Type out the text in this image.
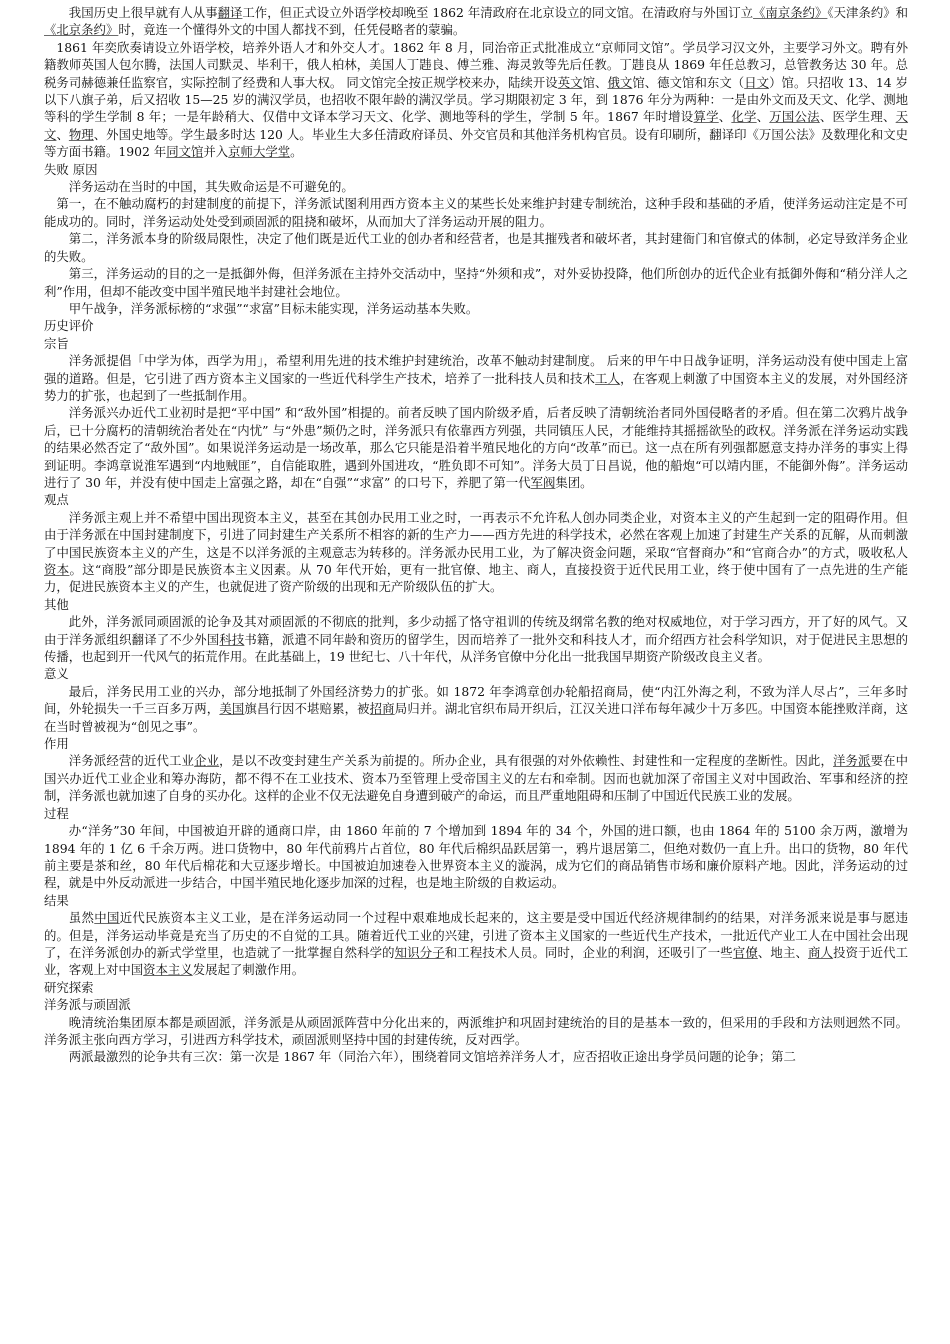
我国历史上很早就有人从事翻译工作，但正式设立外语学校却晚至 1862 年清政府在北京设立的同文馆。在清政府与外国订立《南京条约》《天津条约》和《北京条约》时，竟连一个懂得外文的中国人都找不到，任凭侵略者的蒙骗。
1861 年奕欣奏请设立外语学校，培养外语人才和外交人才。1862 年 8 月，同治帝正式批准成立“京师同文馆”。学员学习汉文外，主要学习外文。聘有外籍教师英国人包尔腾，法国人司默灵、毕利干，俄人柏林，美国人丁韪良、傅兰雅、海灵敦等先后任教。丁韪良从 1869 年任总教习，总管教务达 30 年。总税务司赫德兼任监察官，实际控制了经费和人事大权。 同文馆完全按正规学校来办，陆续开设英文馆、俄文馆、德文馆和东文（日文）馆。只招收 13、14 岁以下八旗子弟，后又招收 15—25 岁的满汉学员，也招收不限年龄的满汉学员。学习期限初定 3 年，到 1876 年分为两种：一是由外文而及天文、化学、测地等科的学生学制 8 年；一是年龄稍大、仅借中文译本学习天文、化学、测地等科的学生，学制 5 年。1867 年时增设算学、化学、万国公法、医学生理、天文、物理、外国史地等。学生最多时达 120 人。毕业生大多任清政府译员、外交官员和其他洋务机构官员。设有印刷所，翻译印《万国公法》及数理化和文史等方面书籍。1902 年同文馆并入京师大学堂。
失败 原因
洋务运动在当时的中国，其失败命运是不可避免的。
第一，在不触动腐朽的封建制度的前提下，洋务派试图利用西方资本主义的某些长处来维护封建专制统治，这种手段和基础的矛盾，使洋务运动注定是不可能成功的。同时，洋务运动处处受到顽固派的阻挠和破坏，从而加大了洋务运动开展的阻力。
第二，洋务派本身的阶级局限性，决定了他们既是近代工业的创办者和经营者，也是其摧残者和破坏者，其封建衙门和官僚式的体制，必定导致洋务企业的失败。
第三，洋务运动的目的之一是抵御外侮，但洋务派在主持外交活动中，坚持“外须和戎”，对外妥协投降，他们所创办的近代企业有抵御外侮和“稍分洋人之利”作用，但却不能改变中国半殖民地半封建社会地位。
甲午战争，洋务派标榜的“求强”“求富”目标未能实现，洋务运动基本失败。
历史评价
宗旨
洋务派提倡「中学为体，西学为用」，希望利用先进的技术维护封建统治，改革不触动封建制度。 后来的甲午中日战争证明，洋务运动没有使中国走上富强的道路。但是，它引进了西方资本主义国家的一些近代科学生产技术，培养了一批科技人员和技术工人，在客观上刺激了中国资本主义的发展，对外国经济势力的扩张，也起到了一些抵制作用。
洋务派兴办近代工业初时是把“平中国” 和“敌外国”相提的。前者反映了国内阶级矛盾，后者反映了清朝统治者同外国侵略者的矛盾。但在第二次鸦片战争后，已十分腐朽的清朝统治者处在“内忧” 与“外患”频仍之时，洋务派只有依靠西方列强，共同镇压人民，才能维持其摇摇欲坠的政权。洋务派在洋务运动实践的结果必然否定了“敌外国”。如果说洋务运动是一场改革，那么它只能是沿着半殖民地化的方向“改革”而已。这一点在所有列强都愿意支持办洋务的事实上得到证明。李鸿章说淮军遇到“内地贼匪”，自信能取胜，遇到外国进攻，“胜负即不可知”。洋务大员丁日昌说，他的船炮“可以靖内匪，不能御外侮”。洋务运动进行了 30 年，并没有使中国走上富强之路，却在“自强”“求富” 的口号下，养肥了第一代军阀集团。
观点
洋务派主观上并不希望中国出现资本主义，甚至在其创办民用工业之时，一再表示不允许私人创办同类企业，对资本主义的产生起到一定的阻碍作用。但由于洋务派在中国封建制度下，引进了同封建生产关系所不相容的新的生产力——西方先进的科学技术，必然在客观上加速了封建生产关系的瓦解，从而刺激了中国民族资本主义的产生，这是不以洋务派的主观意志为转移的。洋务派办民用工业，为了解决资金问题，采取“官督商办”和“官商合办”的方式，吸收私人资本。这“商股”部分即是民族资本主义因素。从 70 年代开始，更有一批官僚、地主、商人，直接投资于近代民用工业，终于使中国有了一点先进的生产能力，促进民族资本主义的产生，也就促进了资产阶级的出现和无产阶级队伍的扩大。
其他
此外，洋务派同顽固派的论争及其对顽固派的不彻底的批判，多少动摇了恪守祖训的传统及纲常名教的绝对权威地位，对于学习西方，开了好的风气。又由于洋务派组织翻译了不少外国科技书籍，派遣不同年龄和资历的留学生，因而培养了一批外交和科技人才，而介绍西方社会科学知识，对于促进民主思想的传播，也起到开一代风气的拓荒作用。在此基础上，19 世纪七、八十年代，从洋务官僚中分化出一批我国早期资产阶级改良主义者。
意义
最后，洋务民用工业的兴办，部分地抵制了外国经济势力的扩张。如 1872 年李鸿章创办轮船招商局，使“内江外海之利，不致为洋人尽占”，三年多时间，外轮损失一千三百多万两，美国旗昌行因不堪赔累，被招商局归并。湖北官织布局开织后，江汉关进口洋布每年减少十万多匹。中国资本能挫败洋商，这在当时曾被视为“创见之事”。
作用
洋务派经营的近代工业企业，是以不改变封建生产关系为前提的。所办企业，具有很强的对外依赖性、封建性和一定程度的垄断性。因此，洋务派要在中国兴办近代工业企业和筹办海防，都不得不在工业技术、资本乃至管理上受帝国主义的左右和牵制。因而也就加深了帝国主义对中国政治、军事和经济的控制，洋务派也就加速了自身的买办化。这样的企业不仅无法避免自身遭到破产的命运，而且严重地阻碍和压制了中国近代民族工业的发展。
过程
办“洋务”30 年间，中国被迫开辟的通商口岸，由 1860 年前的 7 个增加到 1894 年的 34 个，外国的进口额，也由 1864 年的 5100 余万两，激增为 1894 年的 1 亿 6 千余万两。进口货物中，80 年代前鸦片占首位，80 年代后棉织品跃居第一，鸦片退居第二，但绝对数仍一直上升。出口的货物，80 年代前主要是茶和丝，80 年代后棉花和大豆逐步增长。中国被迫加速卷入世界资本主义的漩涡，成为它们的商品销售市场和廉价原料产地。因此，洋务运动的过程，就是中外反动派进一步结合，中国半殖民地化逐步加深的过程，也是地主阶级的自救运动。
结果
虽然中国近代民族资本主义工业，是在洋务运动同一个过程中艰难地成长起来的，这主要是受中国近代经济规律制约的结果，对洋务派来说是事与愿违的。但是，洋务运动毕竟是充当了历史的不自觉的工具。随着近代工业的兴建，引进了资本主义国家的一些近代生产技术，一批近代产业工人在中国社会出现了，在洋务派创办的新式学堂里，也造就了一批掌握自然科学的知识分子和工程技术人员。同时，企业的利润，还吸引了一些官僚、地主、商人投资于近代工业，客观上对中国资本主义发展起了刺激作用。
研究探索
洋务派与顽固派
晚清统治集团原本都是顽固派，洋务派是从顽固派阵营中分化出来的，两派维护和巩固封建统治的目的是基本一致的，但采用的手段和方法则迥然不同。洋务派主张向西方学习，引进西方科学技术，顽固派则坚持中国的封建传统，反对西学。
两派最激烈的论争共有三次：第一次是 1867 年（同治六年），围绕着同文馆培养洋务人才，应否招收正途出身学员问题的论争；第二
